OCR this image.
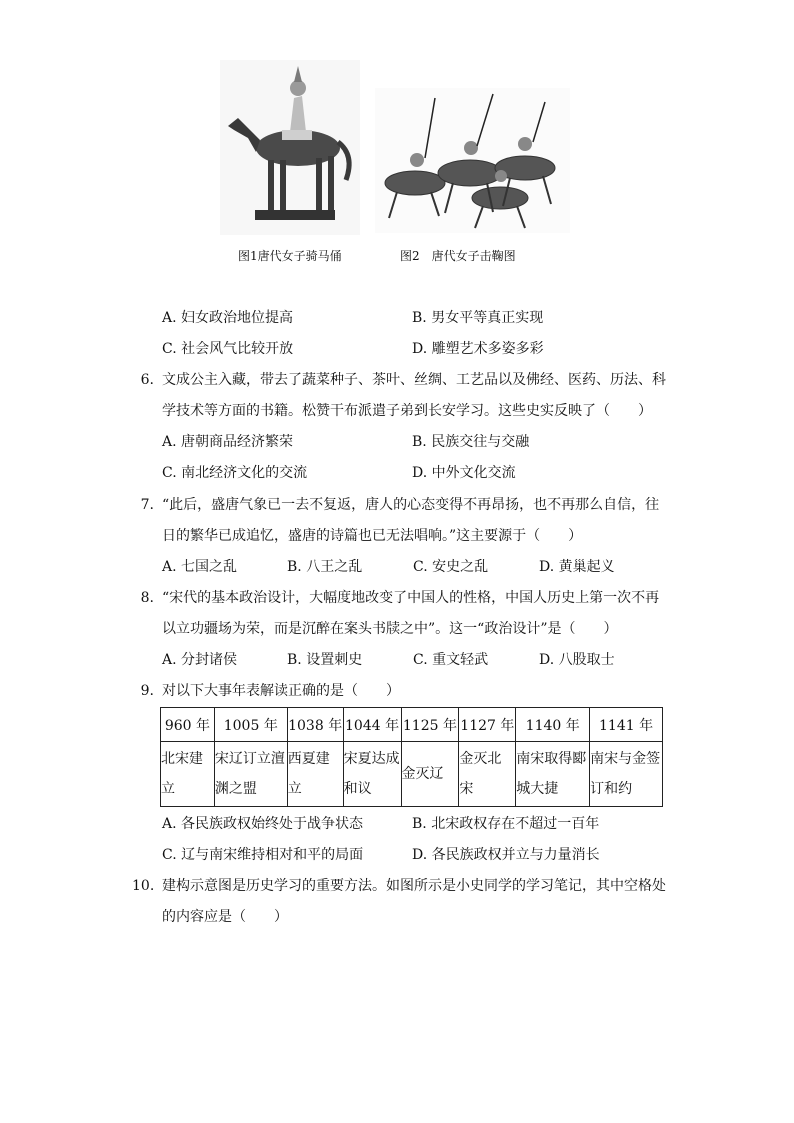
图1唐代女子骑马俑	图2　唐代女子击鞠图
A. 妇女政治地位提高	B. 男女平等真正实现
C. 社会风气比较开放	D. 雕塑艺术多姿多彩
6. 文成公主入藏，带去了蔬菜种子、茶叶、丝绸、工艺品以及佛经、医药、历法、科
学技术等方面的书籍。松赞干布派遣子弟到长安学习。这些史实反映了（　　）
A. 唐朝商品经济繁荣	B. 民族交往与交融
C. 南北经济文化的交流	D. 中外文化交流
7. “此后，盛唐气象已一去不复返，唐人的心态变得不再昂扬，也不再那么自信，往
日的繁华已成追忆，盛唐的诗篇也已无法唱响。”这主要源于（　　）
A. 七国之乱	B. 八王之乱	C. 安史之乱	D. 黄巢起义
8. “宋代的基本政治设计，大幅度地改变了中国人的性格，中国人历史上第一次不再
以立功疆场为荣，而是沉醉在案头书牍之中”。这一“政治设计”是（　　）
A. 分封诸侯	B. 设置刺史	C. 重文轻武	D. 八股取士
9. 对以下大事年表解读正确的是（　　）
960 年	1005 年	1038 年	1044 年	1125 年	1127 年	1140 年	1141 年

北宋建立	宋辽订立澶渊之盟	西夏建立	宋夏达成和议	金灭辽	金灭北宋	南宋取得郾城大捷	南宋与金签订和约
A. 各民族政权始终处于战争状态	B. 北宋政权存在不超过一百年
C. 辽与南宋维持相对和平的局面	D. 各民族政权并立与力量消长
10. 建构示意图是历史学习的重要方法。如图所示是小史同学的学习笔记，其中空格处
的内容应是（　　）
